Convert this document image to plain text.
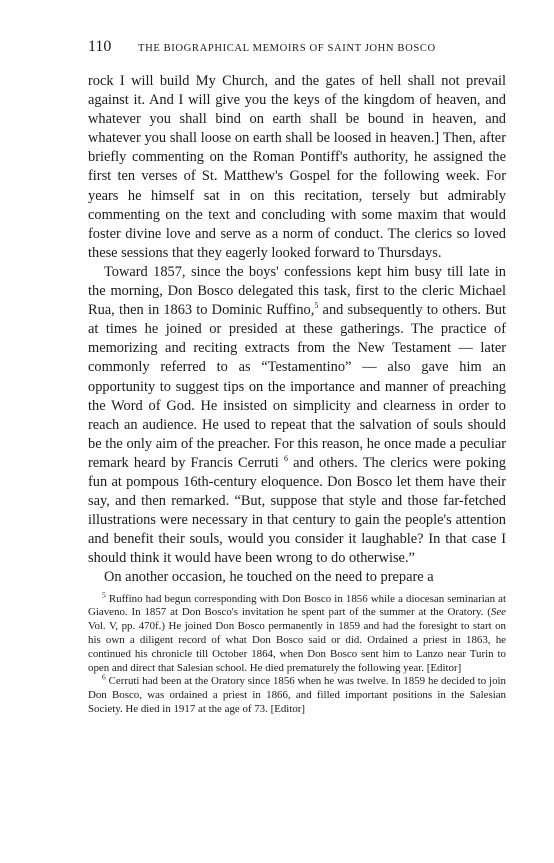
110	THE BIOGRAPHICAL MEMOIRS OF SAINT JOHN BOSCO

rock I will build My Church, and the gates of hell shall not prevail against it. And I will give you the keys of the kingdom of heaven, and whatever you shall bind on earth shall be bound in heaven, and whatever you shall loose on earth shall be loosed in heaven.] Then, after briefly commenting on the Roman Pontiff's authority, he assigned the first ten verses of St. Matthew's Gospel for the following week. For years he himself sat in on this recitation, tersely but admirably commenting on the text and concluding with some maxim that would foster divine love and serve as a norm of conduct. The clerics so loved these sessions that they eagerly looked forward to Thursdays.

Toward 1857, since the boys' confessions kept him busy till late in the morning, Don Bosco delegated this task, first to the cleric Michael Rua, then in 1863 to Dominic Ruffino,$^5$ and subsequently to others. But at times he joined or presided at these gatherings. The practice of memorizing and reciting extracts from the New Testament — later commonly referred to as “Testamentino” — also gave him an opportunity to suggest tips on the importance and manner of preaching the Word of God. He insisted on simplicity and clearness in order to reach an audience. He used to repeat that the salvation of souls should be the only aim of the preacher. For this reason, he once made a peculiar remark heard by Francis Cerruti $^6$ and others. The clerics were poking fun at pompous 16th-century eloquence. Don Bosco let them have their say, and then remarked. “But, suppose that style and those far-fetched illustrations were necessary in that century to gain the people's attention and benefit their souls, would you consider it laughable? In that case I should think it would have been wrong to do otherwise.”

On another occasion, he touched on the need to prepare a

$^5$ Ruffino had begun corresponding with Don Bosco in 1856 while a diocesan seminarian at Giaveno. In 1857 at Don Bosco's invitation he spent part of the summer at the Oratory. (See Vol. V, pp. 470f.) He joined Don Bosco permanently in 1859 and had the foresight to start on his own a diligent record of what Don Bosco said or did. Ordained a priest in 1863, he continued his chronicle till October 1864, when Don Bosco sent him to Lanzo near Turin to open and direct that Salesian school. He died prematurely the following year. [Editor]

$^6$ Cerruti had been at the Oratory since 1856 when he was twelve. In 1859 he decided to join Don Bosco, was ordained a priest in 1866, and filled important positions in the Salesian Society. He died in 1917 at the age of 73. [Editor]
